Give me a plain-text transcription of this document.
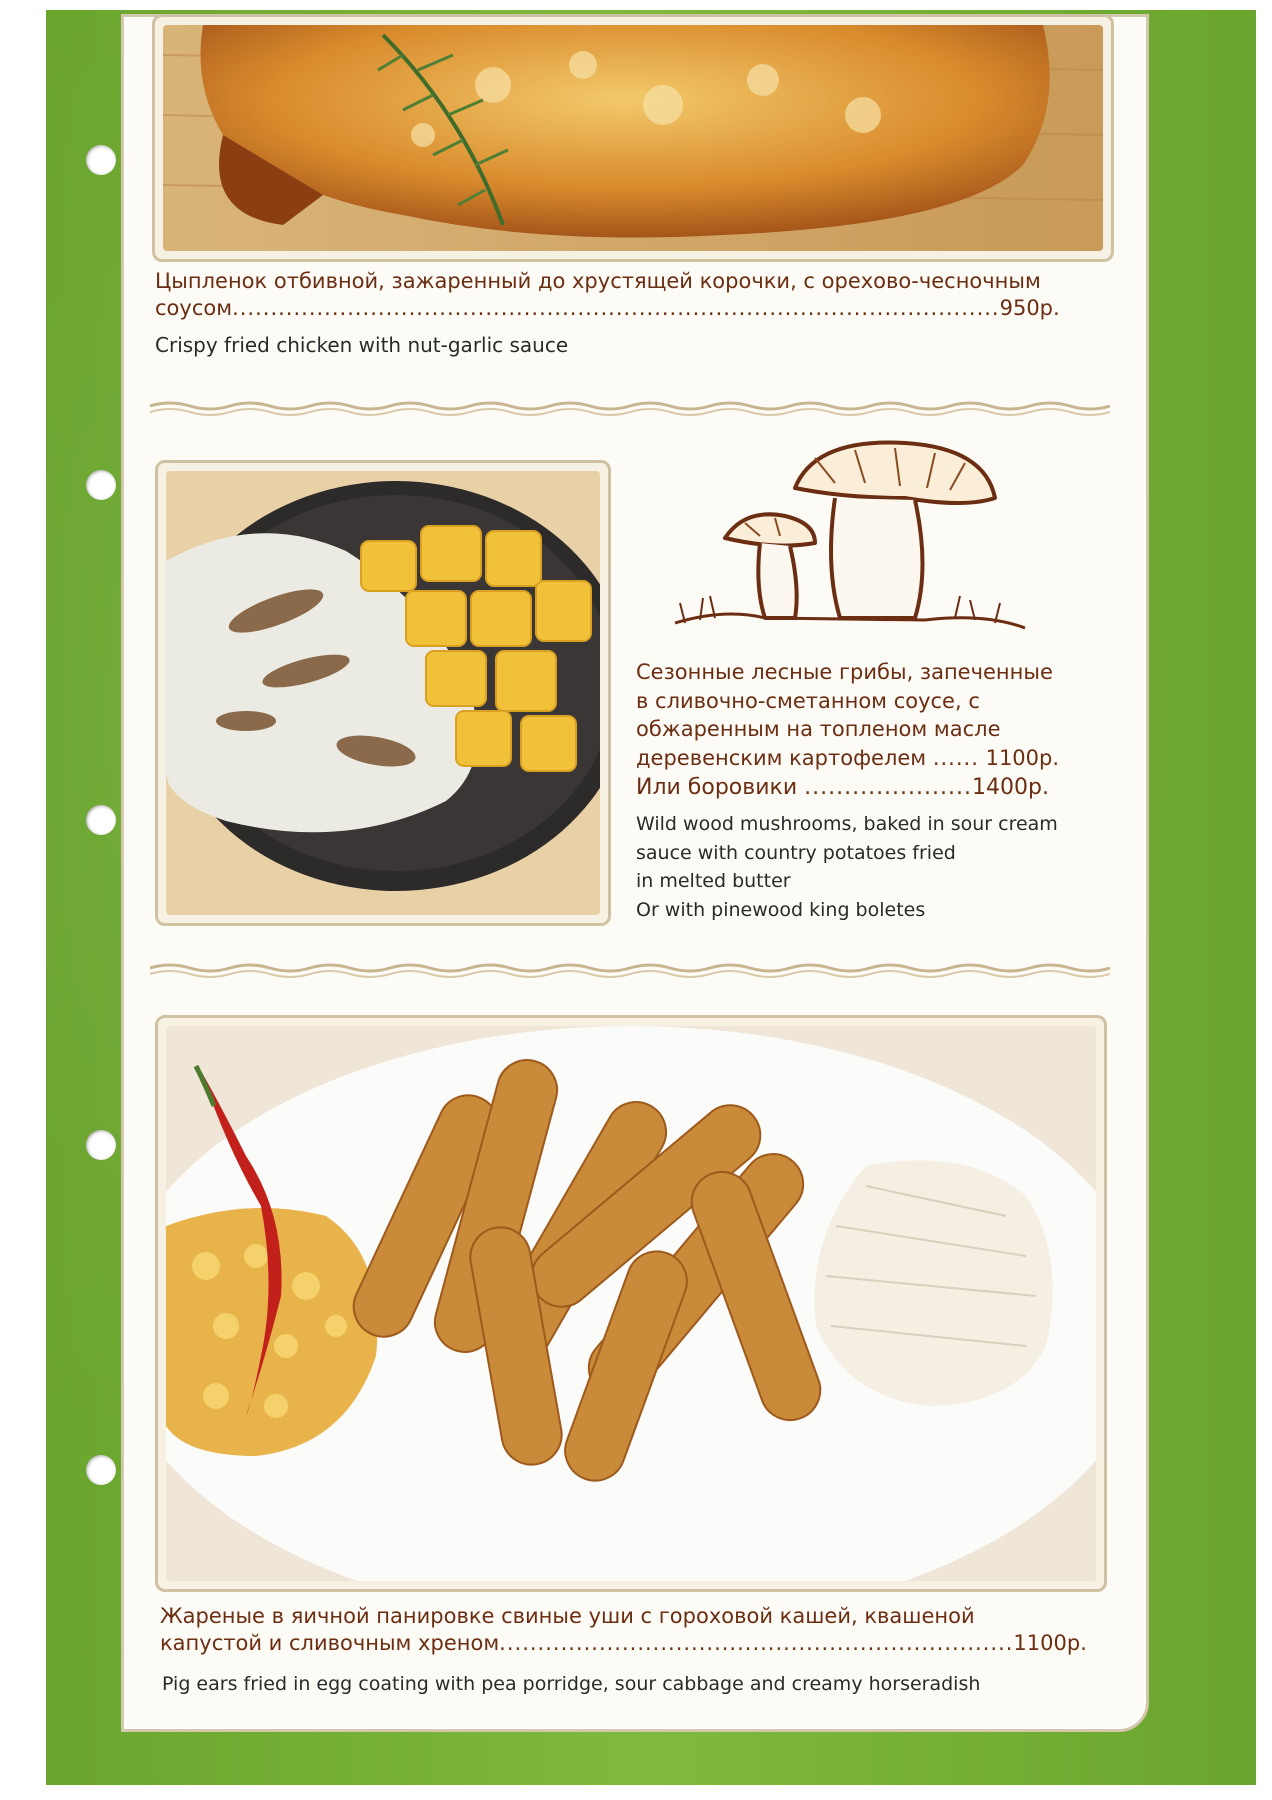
Цыпленок отбивной, зажаренный до хрустящей корочки, с орехово-чесночным
соусом....................................................................................................950р.
Crispy fried chicken with nut-garlic sauce
Сезонные лесные грибы, запеченные
в сливочно-сметанном соусе, с
обжаренным на топленом масле
деревенским картофелем ...... 1100р.
Или боровики .....................1400р.
Wild wood mushrooms, baked in sour cream
sauce with country potatoes fried
in melted butter
Or with pinewood king boletes
Жареные в яичной панировке свиные уши с гороховой кашей, квашеной
капустой и сливочным хреном...................................................................1100р.
Pig ears fried in egg coating with pea porridge, sour cabbage and creamy horseradish
